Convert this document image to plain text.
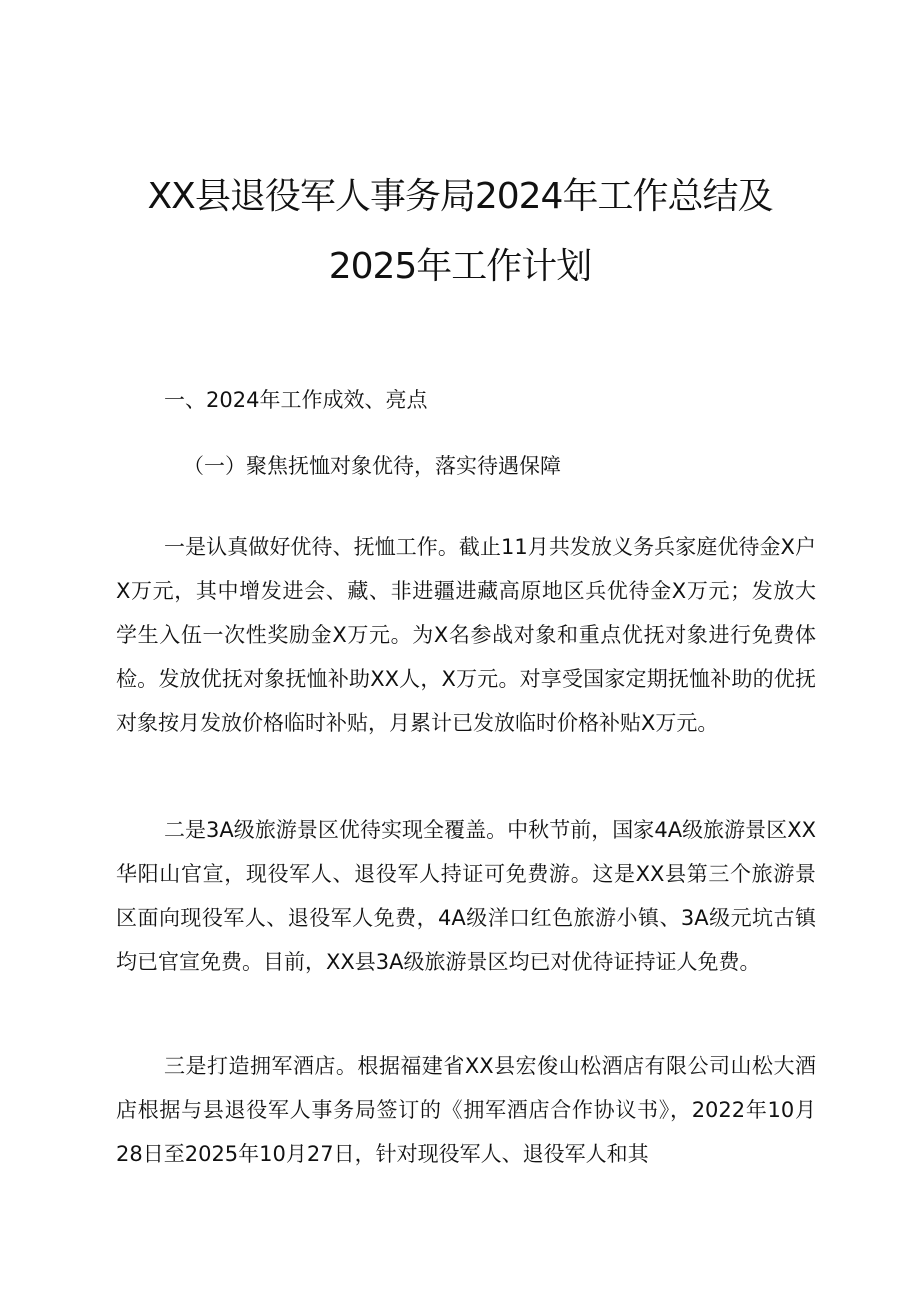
XX县退役军人事务局2024年工作总结及
2025年工作计划
一、2024年工作成效、亮点
（一）聚焦抚恤对象优待，落实待遇保障

一是认真做好优待、抚恤工作。截止11月共发放义务兵家庭优待金X户X万元，其中增发进会、藏、非进疆进藏高原地区兵优待金X万元；发放大学生入伍一次性奖励金X万元。为X名参战对象和重点优抚对象进行免费体检。发放优抚对象抚恤补助XX人，X万元。对享受国家定期抚恤补助的优抚对象按月发放价格临时补贴，月累计已发放临时价格补贴X万元。

二是3A级旅游景区优待实现全覆盖。中秋节前，国家4A级旅游景区XX华阳山官宣，现役军人、退役军人持证可免费游。这是XX县第三个旅游景区面向现役军人、退役军人免费，4A级洋口红色旅游小镇、3A级元坑古镇均已官宣免费。目前，XX县3A级旅游景区均已对优待证持证人免费。

三是打造拥军酒店。根据福建省XX县宏俊山松酒店有限公司山松大酒店根据与县退役军人事务局签订的《拥军酒店合作协议书》，2022年10月28日至2025年10月27日，针对现役军人、退役军人和其
